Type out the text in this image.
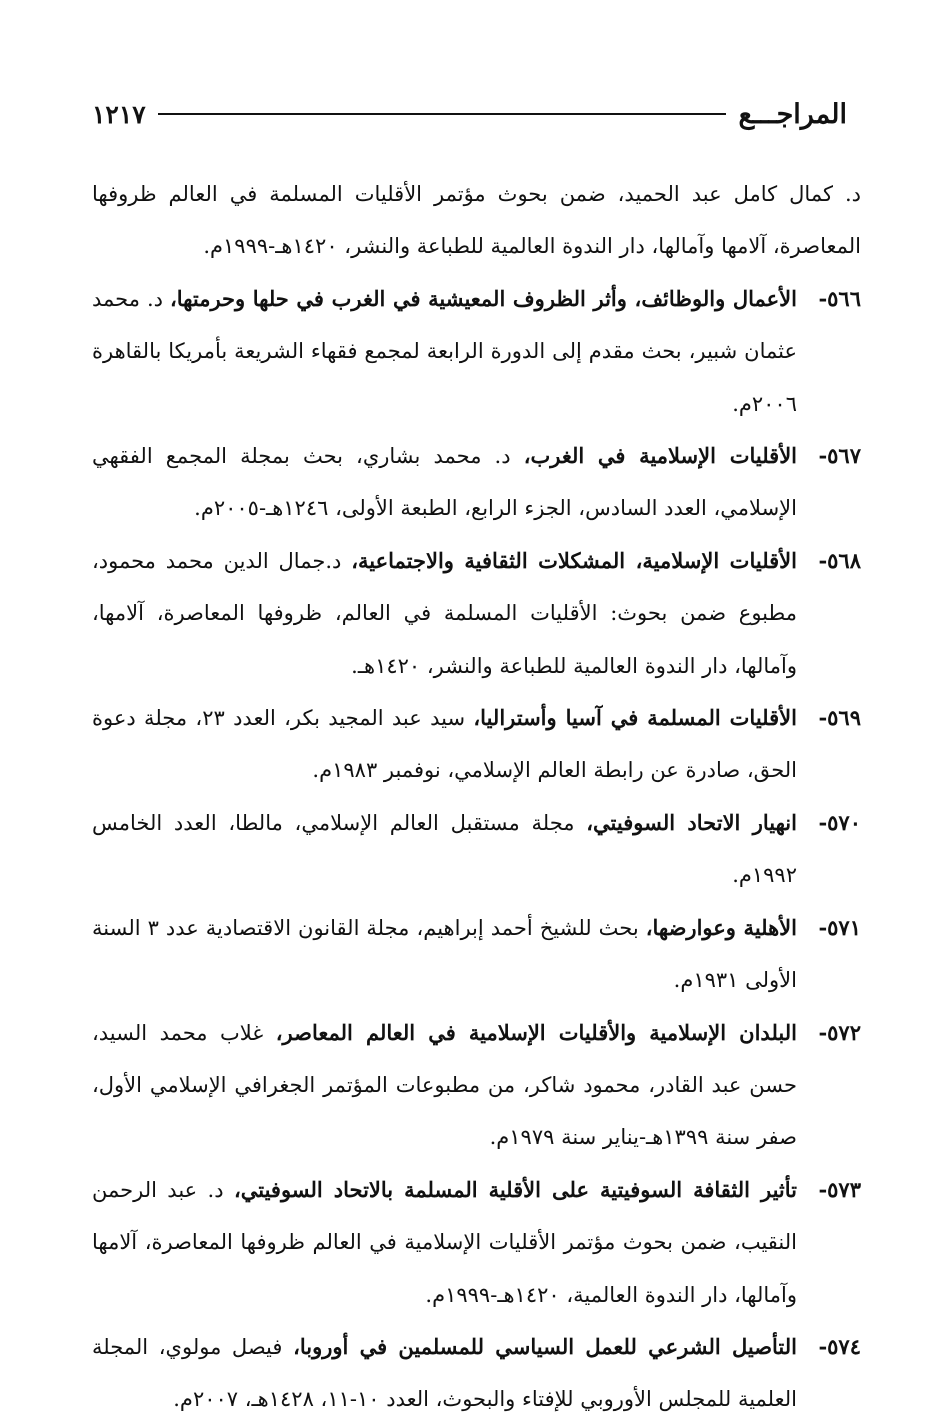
المراجـــع
١٢١٧
د. كمال كامل عبد الحميد، ضمن بحوث مؤتمر الأقليات المسلمة في العالم ظروفها المعاصرة، آلامها وآمالها، دار الندوة العالمية للطباعة والنشر، ١٤٢٠هـ-١٩٩٩م.
٥٦٦-
الأعمال والوظائف، وأثر الظروف المعيشية في الغرب في حلها وحرمتها، د. محمد عثمان شبير، بحث مقدم إلى الدورة الرابعة لمجمع فقهاء الشريعة بأمريكا بالقاهرة ٢٠٠٦م.
٥٦٧-
الأقليات الإسلامية في الغرب، د. محمد بشاري، بحث بمجلة المجمع الفقهي الإسلامي، العدد السادس، الجزء الرابع، الطبعة الأولى، ١٢٤٦هـ-٢٠٠٥م.
٥٦٨-
الأقليات الإسلامية، المشكلات الثقافية والاجتماعية، د.جمال الدين محمد محمود، مطبوع ضمن بحوث: الأقليات المسلمة في العالم، ظروفها المعاصرة، آلامها، وآمالها، دار الندوة العالمية للطباعة والنشر، ١٤٢٠هـ.
٥٦٩-
الأقليات المسلمة في آسيا وأستراليا، سيد عبد المجيد بكر، العدد ٢٣، مجلة دعوة الحق، صادرة عن رابطة العالم الإسلامي، نوفمبر ١٩٨٣م.
٥٧٠-
انهيار الاتحاد السوفيتي، مجلة مستقبل العالم الإسلامي، مالطا، العدد الخامس ١٩٩٢م.
٥٧١-
الأهلية وعوارضها، بحث للشيخ أحمد إبراهيم، مجلة القانون الاقتصادية عدد ٣ السنة الأولى ١٩٣١م.
٥٧٢-
البلدان الإسلامية والأقليات الإسلامية في العالم المعاصر، غلاب محمد السيد، حسن عبد القادر، محمود شاكر، من مطبوعات المؤتمر الجغرافي الإسلامي الأول، صفر سنة ١٣٩٩هـ-يناير سنة ١٩٧٩م.
٥٧٣-
تأثير الثقافة السوفيتية على الأقلية المسلمة بالاتحاد السوفيتي، د. عبد الرحمن النقيب، ضمن بحوث مؤتمر الأقليات الإسلامية في العالم ظروفها المعاصرة، آلامها وآمالها، دار الندوة العالمية، ١٤٢٠هـ-١٩٩٩م.
٥٧٤-
التأصيل الشرعي للعمل السياسي للمسلمين في أوروبا، فيصل مولوي، المجلة العلمية للمجلس الأوروبي للإفتاء والبحوث، العدد ١٠-١١، ١٤٢٨هـ، ٢٠٠٧م.
